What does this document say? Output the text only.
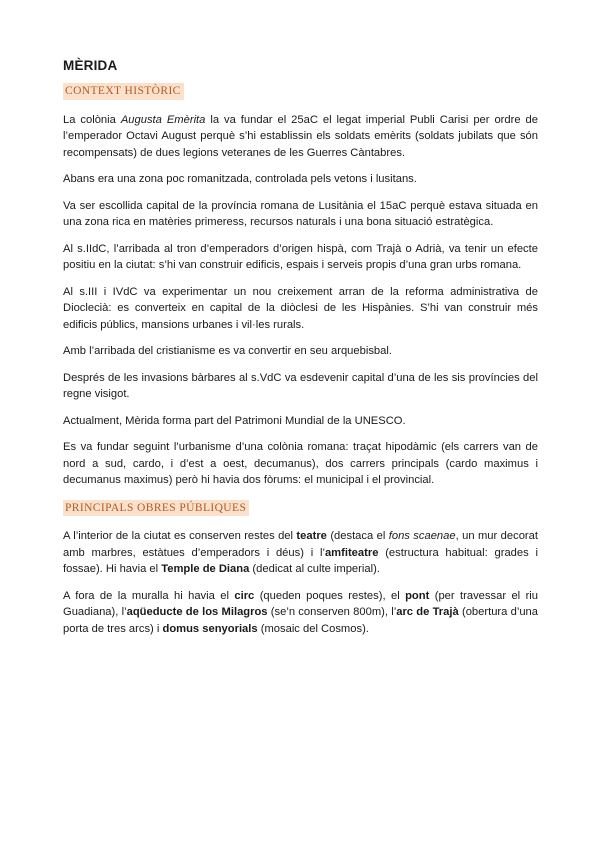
MÈRIDA
CONTEXT HISTÒRIC

La colònia Augusta Emèrita la va fundar el 25aC el legat imperial Publi Carisi per ordre de l’emperador Octavi August perquè s’hi establissin els soldats emèrits (soldats jubilats que són recompensats) de dues legions veteranes de les Guerres Càntabres.

Abans era una zona poc romanitzada, controlada pels vetons i lusitans.

Va ser escollida capital de la província romana de Lusitània el 15aC perquè estava situada en una zona rica en matèries primeress, recursos naturals i una bona situació estratègica.

Al s.IIdC, l’arribada al tron d’emperadors d’origen hispà, com Trajà o Adrià, va tenir un efecte positiu en la ciutat: s’hi van construir edificis, espais i serveis propis d’una gran urbs romana.

Al s.III i IVdC va experimentar un nou creixement arran de la reforma administrativa de Dioclecià: es converteix en capital de la diòclesi de les Hispànies. S’hi van construir més edificis públics, mansions urbanes i vil·les rurals.

Amb l’arribada del cristianisme es va convertir en seu arquebisbal.

Després de les invasions bàrbares al s.VdC va esdevenir capital d’una de les sis províncies del regne visigot.

Actualment, Mèrida forma part del Patrimoni Mundial de la UNESCO.

Es va fundar seguint l’urbanisme d’una colònia romana: traçat hipodàmic (els carrers van de nord a sud, cardo, i d’est a oest, decumanus), dos carrers principals (cardo maximus i decumanus maximus) però hi havia dos fòrums: el municipal i el provincial.

PRINCIPALS OBRES PÚBLIQUES

A l’interior de la ciutat es conserven restes del teatre (destaca el fons scaenae, un mur decorat amb marbres, estàtues d’emperadors i déus) i l’amfiteatre (estructura habitual: grades i fossae). Hi havia el Temple de Diana (dedicat al culte imperial).

A fora de la muralla hi havia el circ (queden poques restes), el pont (per travessar el riu Guadiana), l’aqüeducte de los Milagros (se’n conserven 800m), l’arc de Trajà (obertura d’una porta de tres arcs) i domus senyorials (mosaic del Cosmos).
